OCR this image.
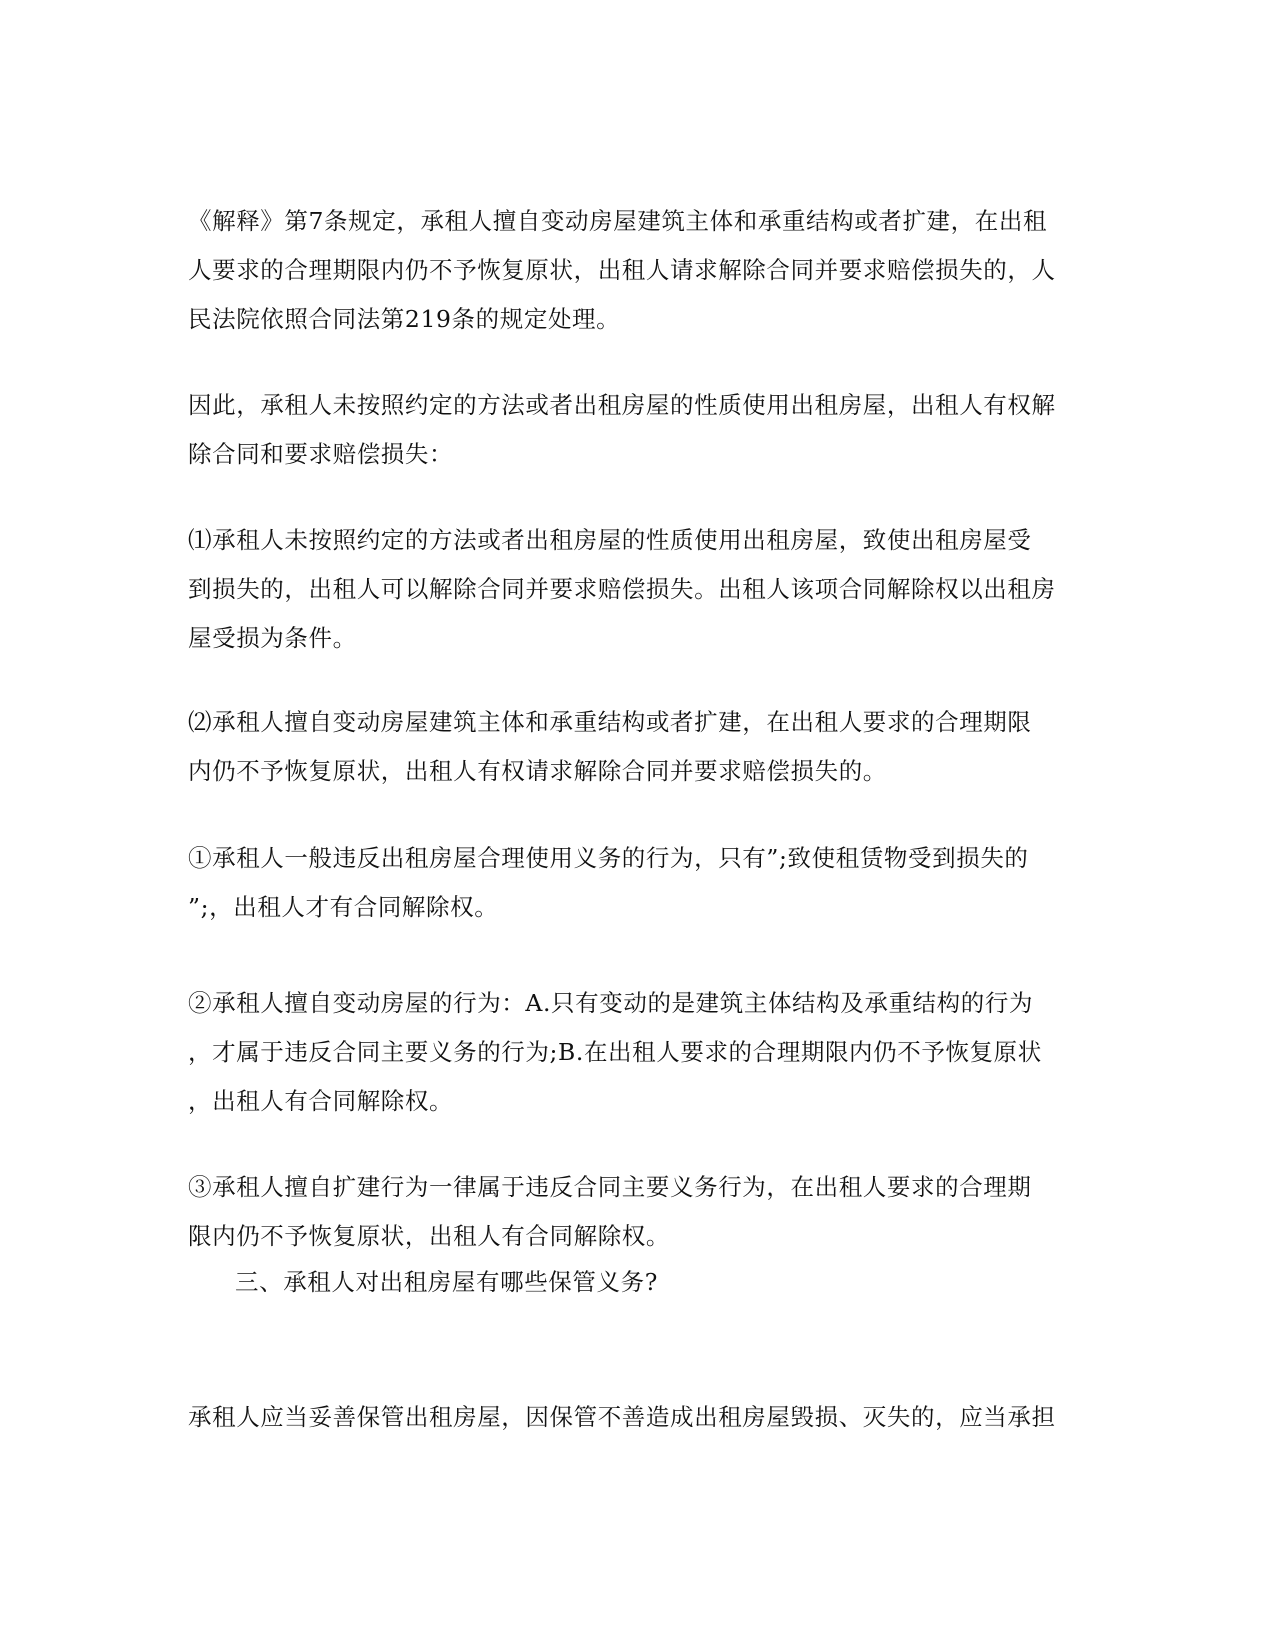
《解释》第7条规定，承租人擅自变动房屋建筑主体和承重结构或者扩建，在出租
人要求的合理期限内仍不予恢复原状，出租人请求解除合同并要求赔偿损失的，人
民法院依照合同法第219条的规定处理。

因此，承租人未按照约定的方法或者出租房屋的性质使用出租房屋，出租人有权解
除合同和要求赔偿损失：

⑴承租人未按照约定的方法或者出租房屋的性质使用出租房屋，致使出租房屋受
到损失的，出租人可以解除合同并要求赔偿损失。出租人该项合同解除权以出租房
屋受损为条件。

⑵承租人擅自变动房屋建筑主体和承重结构或者扩建，在出租人要求的合理期限
内仍不予恢复原状，出租人有权请求解除合同并要求赔偿损失的。

①承租人一般违反出租房屋合理使用义务的行为，只有”;致使租赁物受到损失的
”;，出租人才有合同解除权。

②承租人擅自变动房屋的行为：A.只有变动的是建筑主体结构及承重结构的行为
，才属于违反合同主要义务的行为;B.在出租人要求的合理期限内仍不予恢复原状
，出租人有合同解除权。

③承租人擅自扩建行为一律属于违反合同主要义务行为，在出租人要求的合理期
限内仍不予恢复原状，出租人有合同解除权。

三、承租人对出租房屋有哪些保管义务?

承租人应当妥善保管出租房屋，因保管不善造成出租房屋毁损、灭失的，应当承担
